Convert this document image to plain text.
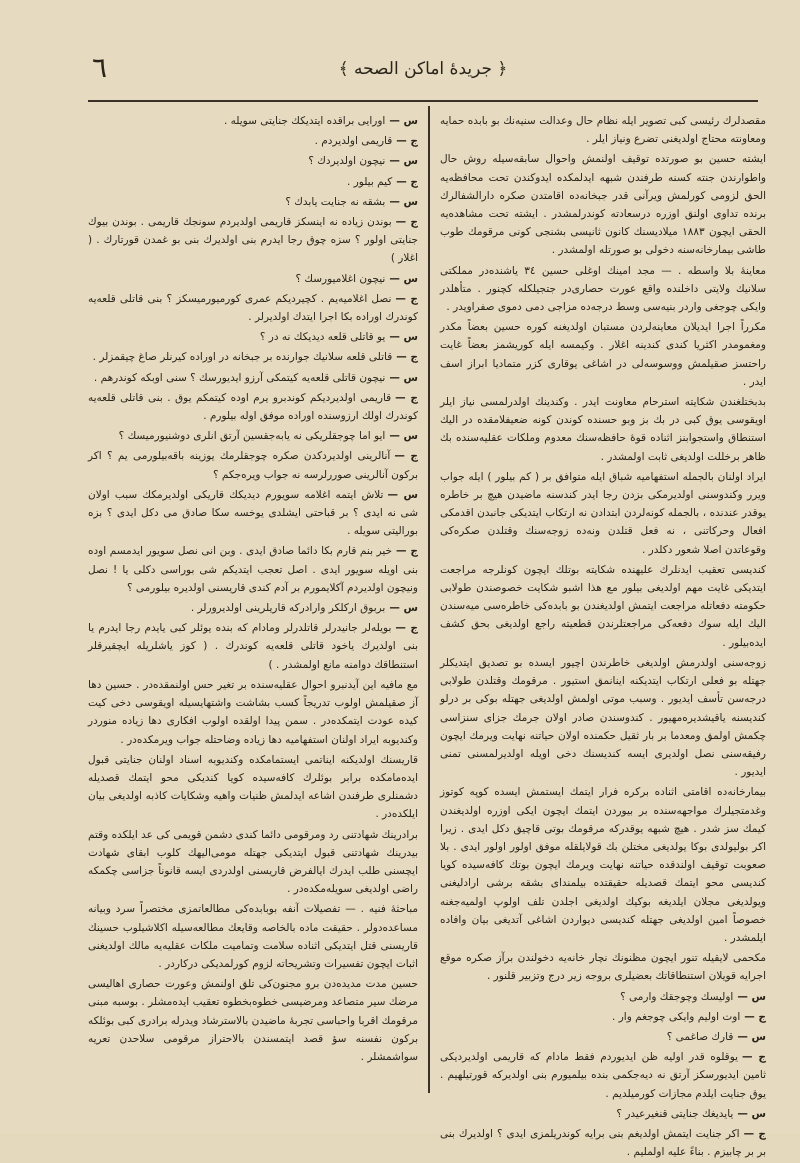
٦	﴿ جريدهٔ اماکن الصحه ﴾

مقصدلرك رئيسى كبى تصوير ايله نظام حال وعدالت سنيه‌نك بو بابده حمايه ومعاونته محتاج اولديغنى تضرع ونياز ايلر .

ايشته حسين بو صورتده توقيف اولنمش واحوال سابقه‌سيله روش حال واطوارندن جنته كسنه طرفندن شبهه ايدلمكده ايدوكندن تحت محافظه‌يه الحق لزومى كورلمش ويرآنى قدر جبخانه‌ده اقامتدن صكره دارالشفالرك برنده تداوى اولنق اوزره درسعادته كوندرلمشدر . ايشته تحت مشاهده‌يه الحقى ايچون ١٨٨٣ ميلاديسنك كانون ثانيسى بشنجى كونى مرقومك طوب طاشى بيمارخانه‌سنه دخولى بو صورتله اولمشدر .

معاينهٔ بلا واسطه . — مجد امينك اوغلى حسين ٣٤ ياشنده‌در مملكتى سلانيك ولايتى داخلنده واقع عورت حصارى‌در جتجيلكله كچنور . متأهلدر وايكى چوجغى واردر بنيه‌سى وسط درجه‌ده مزاجى دمى دموى صفراويدر .

مكرراً اجرا ايديلان معاينه‌لردن مستبان اولديغنه كوره حسين بعضاً مكدر ومغمومدر اكثريا كندى كندينه اغلار . وكيمسه ايله كوريشمز بعضاً غايت راحتسز صقيلمش ووسوسه‌لى در اشاغى يوقارى كزر متماديا ابراز اسف ايدر .

بدبختلغندن شكايته استرحام معاونت ايدر . وكندينك اولدرلمسى نياز ايلر اويقوسى يوق كبى در بك بز وبو حسنده كوندن كونه ضعيفلامقده در اليك استنطاق واستجوابنز اثناده قوهٔ حافظه‌سنك معدوم وملكات عقليه‌سنده بك ظاهر برخللت اولديغى ثابت اولمشدر .

ايراد اولنان بالجمله استفهاميه شباق ايله متوافق بر ( كم بيلور ) ايله جواب ويرر وكندوسنى اولديرمكى بزدن رجا ايدر كندسنه ماضيدن هيچ بر خاطره يوقدر عندنده ، بالجمله كونه‌لردن ابتدادن نه ارتكاب ايتديكى جانبدن اقدمكى افعال وحركاتنى ، نه فعل قتلدن ونه‌ده زوجه‌سنك وقتلدن صكره‌كى وقوعاتدن اصلا شعور دكلدر .

كنديسى تعقيب ايدنلرك عليهنده شكايته بوتلك ايچون كونلرجه مراجعت ايتديكى غايت مهم اولديغى بيلور مع هذا اشبو شكايت خصوصندن طولابى حكومته دفعاتله مراجعت ايتمش اولديغندن بو بابده‌كى خاطره‌سى ميه‌سندن اليك ايله سوك دفعه‌كى مراجعتلرندن قطعيته راجع اولديغى بحق كشف ايده‌بيلور .

زوجه‌سنى اولدرمش اولديغى خاطرندن اچيور ايسده بو تصديق ايتديكلر جهتله بو فعلى ارتكاب ايتديكنه اينانمق استيور . مرقومك وقتلدن طولابى درجه‌سن تأسف ايديور . وسبب موتى اولمش اولديغى جهتله بوكى بر درلو كنديسنه ياقيشديره‌مهيور . كندوسندن صادر اولان جرمك جزاى سنزاسى چكمش اولمق ومعدما بر بار ثقيل حكمنده اولان حياتنه نهايت ويرمك ايچون رفيقه‌سنى نصل اولديرى ايسه كنديسنك دخى اويله اولديرلمسنى تمنى ايديور .

بيمارخانه‌ده اقامتى اثناده بركره فرار ايتمك ايستمش ايسده كوپه كوتوز وغدمتجيلرك مواجهه‌سنده بر بيوردن ايتمك ايچون ايكى اوزره اولديغندن كيمك سز شدر . هيچ شبهه يوقدركه مرقومك بوتى قاچيق دكل ايدى . زيرا اكر بوليولدى بوكا يولديغى مختلن بك قولايلقله موفق اولور اولور ايدى . بلا صعوبت توقيف اولندقده حياتنه نهايت ويرمك ايچون بوتك كافه‌سيده كويا كنديسى محو ايتمك قصديله حقيقتده بيلمنداى بشقه برشى ارادليغنى ويولديغى مجلان ايلديغه بوكيك اولديغى اجلدن تلف اولوپ اولميه‌جغنه خصوصاً امين اولديغى جهتله كنديسى ديواردن اشاغى آتديغى بيان وافاده ايلمشدر .

مكحمى لايقيله تنور ايچون مظنونك نچار خانه‌يه دخولندن برآز صكره موقع اجرايه قويلان استنطاقاتك بعضيلرى بروجه زير درج وتزبير قلنور .

س —اوليسك وچوجقك وارمى ؟

ج —اوت اوليم وايكى چوجغم وار .

س —قارك صاغمى ؟

ج —يوقلوه قدر اوليه ظن ايديوردم فقط مادام كه قاريمى اولديرديكى ثامين ايديورسكز آرتق نه ديه‌جكمى بنده بيلميورم بنى اولديركه قورتيلهيم . يوق جنايت ايلدم مجازات كورميلديم .

س —يايديغك جنايتى قنغيرعيدر ؟

ج —اكر جنايت ايتمش اولديغم بنى برايه كوندريلمزى ايدى ؟ اولديرك بنى بر بر چابيزم . بناءً عليه اولمليم .

س —اورايى براقده ايتديكك جنايتى سويله .

ج —قاريمى اولديردم .

س —نيچون اولديردك ؟

ج —كيم بيلور .

س —بشقه نه جنايت يابدك ؟

ج —بوندن زياده نه اينسكز قاريمى اولديردم سونجك قاريمى . بوندن بيوك جنايتى اولور ؟ سزه چوق رجا ايدرم بنى اولديرك بنى بو غمدن قورتارك . ( اغلار )

س —نيچون اغلاميورسك ؟

ج —نصل اغلاميه‌يم . كچيرديكم عمرى كورميورميسكز ؟ بنى قاتلى قلعه‌يه كوندرك اوراده بكا اجرا ايتدك اولديرلر .

س —يو قاتلى قلعه ديديكك نه در ؟

ج —قاتلى قلعه سلانيك جوارنده بر جبخانه در اوراده كيرنلر صاغ چيقمزلر .

س —نيچون قاتلى قلعه‌يه كيتمكى آرزو ايديورسك ؟ سنى اوبكه كوندرهم .

ج —قاريمى اولديرديكم كوندبرو يرم اوده كيتمكم يوق . بنى قاتلى قلعه‌يه كوندرك اولك ارزوسنده اوراده موفق اوله بيلورم .

س —ايو اما چوجقلريكى نه يابه‌جقسين آرتق انلرى دوشنيورميسك ؟

ج —آنالرينى اولديردكدن صكره چوجقلرمك يوزينه باقه‌بيلورمى يم ؟ اكر بركون آنالرينى صوررلرسه نه جواب ويره‌جكم ؟

س —تلاش ايتمه اغلامه سويورم ديديكك قاريكى اولديرمكك سبب اولان شى نه ايدى ؟ بر قباحتى ايشلدى يوخسه سكا صادق مى دكل ايدى ؟ بزه بوراليتى سويله .

ج —خير بنم قارم بكا دائما صادق ايدى . وبن انى نصل سويور ايدمسم اوده بنى اويله سويور ايدى . اصل تعجب ايتديكم شى بوراسى دكلى يا ! نصل ونيچون اولديردم آكلايمورم بر آدم كندى قاريسنى اولديره بيلورمى ؟

س —بربوق اركلكر وارادركه قاريلرينى اولديرورلر .

ج —بويلەلر جانيدرلر قاتلدرلر ومادام كه بنده يوئلر كبى يايدم رجا ايدرم يا بنى اولديرك ياخود قاتلى قلعه‌يه كوندرك . ( كوز ياشلريله ايچقيرقلر استنطاقك دوامنه مانع اولمشدر . )

مع مافيه اين آيدنبرو احوال عقليه‌سنده بر تغير حس اولنمقده‌در . حسين دها آز صقيلمش اولوب تدريجاً كسب بشاشت واشتهايسيله اويقوسى دخى كيت كيده عودت ايتمكده‌در . سمن پيدا اولقده اولوب افكارى دها زياده منوردر وكنديوبه ايراد اولنان استفهاميه دها زياده وضاحتله جواب ويرمكده‌در .

قاريسنك اولديكنه ايناتمى ايستمامكده وكنديوبه اسناد اولنان جنايتى قبول ايده‌مامكده برابر بوئلرك كافه‌سيده كويا كنديكى محو ايتمك قصديله دشمنلرى طرفندن اشاعه ايدلمش ظنيات واهيه وشكايات كاذبه اولديغى بيان ايلكده‌در .

برادرينك شهادتنى رد ومرقومى دائما كندى دشمن قويمى كى عد ايلكده وقتم بيدرينك شهادتنى قبول ايتديكى جهتله مومى‌اليهك كلوب ابقاى شهادت ايچسنى طلب ايدرك ايالفرض قاريسنى اولدردى ايسه قانوناً جزاسى چكمكه راضى اولديغى سويله‌مكده‌در .

مباحثهٔ فنيه . — تفصيلات آنفه بوبابده‌كى مطالعاتمزى مختصراً سرد وبيانه مساعده‌دولر . حقيقت ماده بالخاصه وقايعك مطالعه‌سيله اكلاشيلوب حسينك قاريسنى قتل ايتديكى اثناده سلامت وتماميت ملكات عقليه‌يه مالك اولديغنى اثبات ايچون تفسيرات وتشريحاته لزوم كورلمديكى دركاردر .

حسين مدت مديدەدن برو مجنون‌كى تلق اولنمش وعورت حصارى اهاليسى مرضك سير متصاعد ومرضيسى خطوه‌بخطوه تعقيب ايده‌مشلر . بوسبه مبنى مرقومك اقربا واحباسى تجربهٔ ماضيدن بالاسترشاد ويدرله برادرى كبى بوئلكه بركون نفسنه سؤ قصد ايتمسندن بالاحتراز مرقومى سلاحدن تعريه سواشمشلر .
